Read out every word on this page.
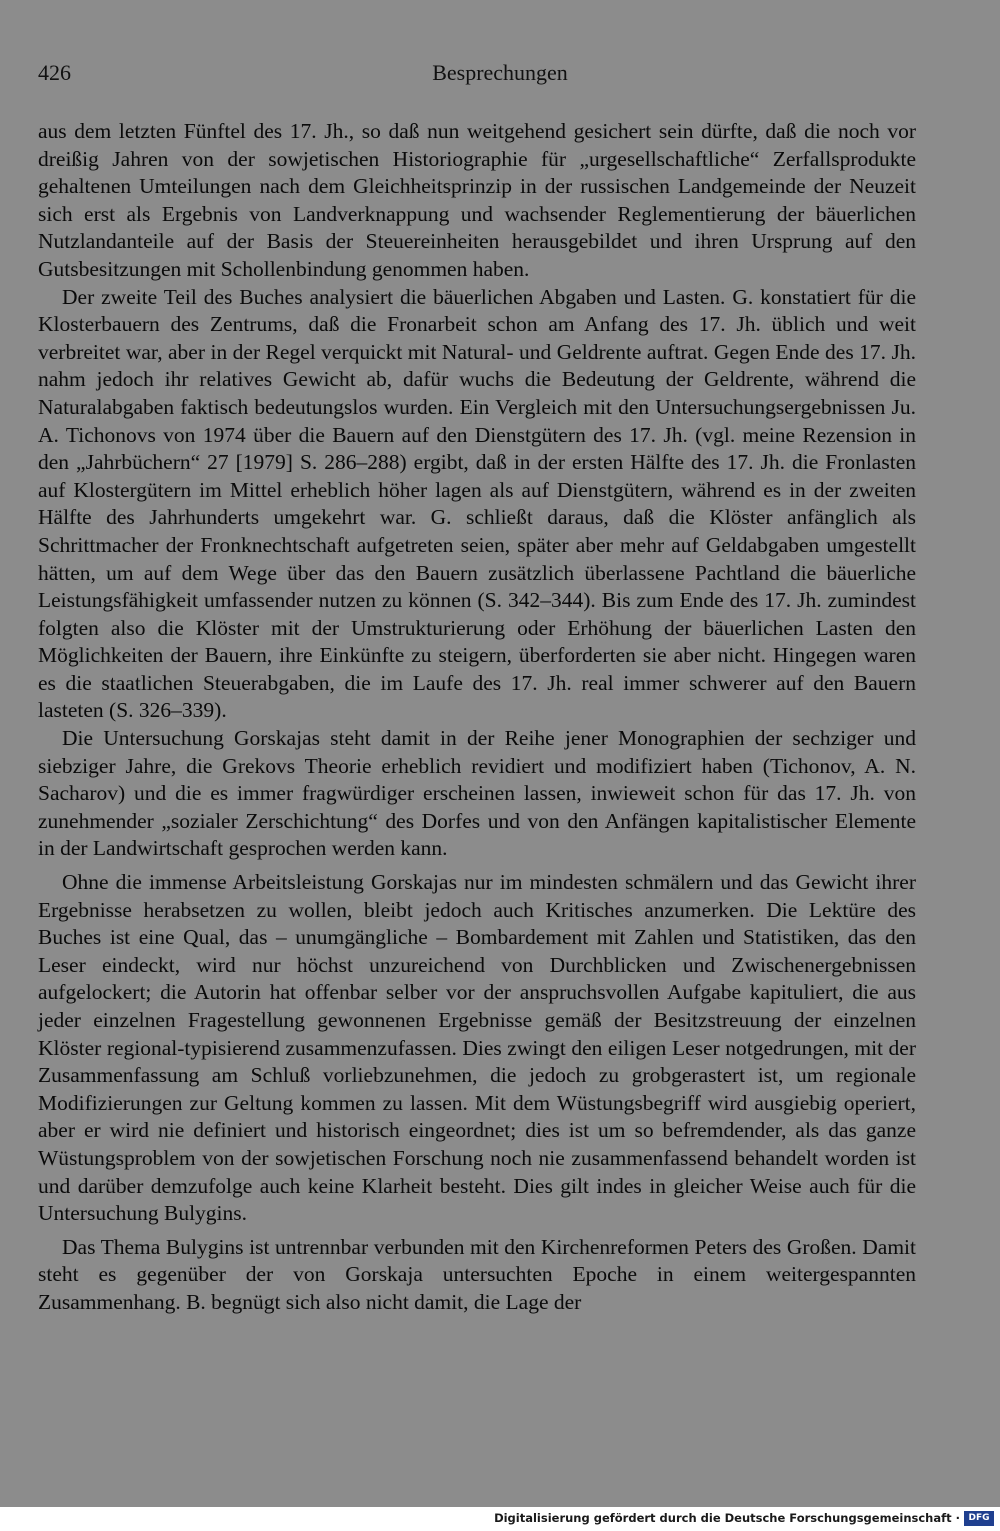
426	Besprechungen

aus dem letzten Fünftel des 17. Jh., so daß nun weitgehend gesichert sein dürfte, daß die noch vor dreißig Jahren von der sowjetischen Historiographie für „urgesellschaftliche“ Zerfallsprodukte gehaltenen Umteilungen nach dem Gleichheitsprinzip in der russischen Landgemeinde der Neuzeit sich erst als Ergebnis von Landverknappung und wachsender Reglementierung der bäuerlichen Nutzlandanteile auf der Basis der Steuereinheiten herausgebildet und ihren Ursprung auf den Gutsbesitzungen mit Schollenbindung genommen haben.

Der zweite Teil des Buches analysiert die bäuerlichen Abgaben und Lasten. G. konstatiert für die Klosterbauern des Zentrums, daß die Fronarbeit schon am Anfang des 17. Jh. üblich und weit verbreitet war, aber in der Regel verquickt mit Natural- und Geldrente auftrat. Gegen Ende des 17. Jh. nahm jedoch ihr relatives Gewicht ab, dafür wuchs die Bedeutung der Geldrente, während die Naturalabgaben faktisch bedeutungslos wurden. Ein Vergleich mit den Untersuchungsergebnissen Ju. A. Tichonovs von 1974 über die Bauern auf den Dienstgütern des 17. Jh. (vgl. meine Rezension in den „Jahrbüchern“ 27 [1979] S. 286–288) ergibt, daß in der ersten Hälfte des 17. Jh. die Fronlasten auf Klostergütern im Mittel erheblich höher lagen als auf Dienstgütern, während es in der zweiten Hälfte des Jahrhunderts umgekehrt war. G. schließt daraus, daß die Klöster anfänglich als Schrittmacher der Fronknechtschaft aufgetreten seien, später aber mehr auf Geldabgaben umgestellt hätten, um auf dem Wege über das den Bauern zusätzlich überlassene Pachtland die bäuerliche Leistungsfähigkeit umfassender nutzen zu können (S. 342–344). Bis zum Ende des 17. Jh. zumindest folgten also die Klöster mit der Umstrukturierung oder Erhöhung der bäuerlichen Lasten den Möglichkeiten der Bauern, ihre Einkünfte zu steigern, überforderten sie aber nicht. Hingegen waren es die staatlichen Steuerabgaben, die im Laufe des 17. Jh. real immer schwerer auf den Bauern lasteten (S. 326–339).

Die Untersuchung Gorskajas steht damit in der Reihe jener Monographien der sechziger und siebziger Jahre, die Grekovs Theorie erheblich revidiert und modifiziert haben (Tichonov, A. N. Sacharov) und die es immer fragwürdiger erscheinen lassen, inwieweit schon für das 17. Jh. von zunehmender „sozialer Zerschichtung“ des Dorfes und von den Anfängen kapitalistischer Elemente in der Landwirtschaft gesprochen werden kann.

Ohne die immense Arbeitsleistung Gorskajas nur im mindesten schmälern und das Gewicht ihrer Ergebnisse herabsetzen zu wollen, bleibt jedoch auch Kritisches anzumerken. Die Lektüre des Buches ist eine Qual, das – unumgängliche – Bombardement mit Zahlen und Statistiken, das den Leser eindeckt, wird nur höchst unzureichend von Durchblicken und Zwischenergebnissen aufgelockert; die Autorin hat offenbar selber vor der anspruchsvollen Aufgabe kapituliert, die aus jeder einzelnen Fragestellung gewonnenen Ergebnisse gemäß der Besitzstreuung der einzelnen Klöster regional-typisierend zusammenzufassen. Dies zwingt den eiligen Leser notgedrungen, mit der Zusammenfassung am Schluß vorliebzunehmen, die jedoch zu grobgerastert ist, um regionale Modifizierungen zur Geltung kommen zu lassen. Mit dem Wüstungsbegriff wird ausgiebig operiert, aber er wird nie definiert und historisch eingeordnet; dies ist um so befremdender, als das ganze Wüstungsproblem von der sowjetischen Forschung noch nie zusammenfassend behandelt worden ist und darüber demzufolge auch keine Klarheit besteht. Dies gilt indes in gleicher Weise auch für die Untersuchung Bulygins.

Das Thema Bulygins ist untrennbar verbunden mit den Kirchenreformen Peters des Großen. Damit steht es gegenüber der von Gorskaja untersuchten Epoche in einem weitergespannten Zusammenhang. B. begnügt sich also nicht damit, die Lage der

Digitalisierung gefördert durch die Deutsche Forschungsgemeinschaft · DFG
